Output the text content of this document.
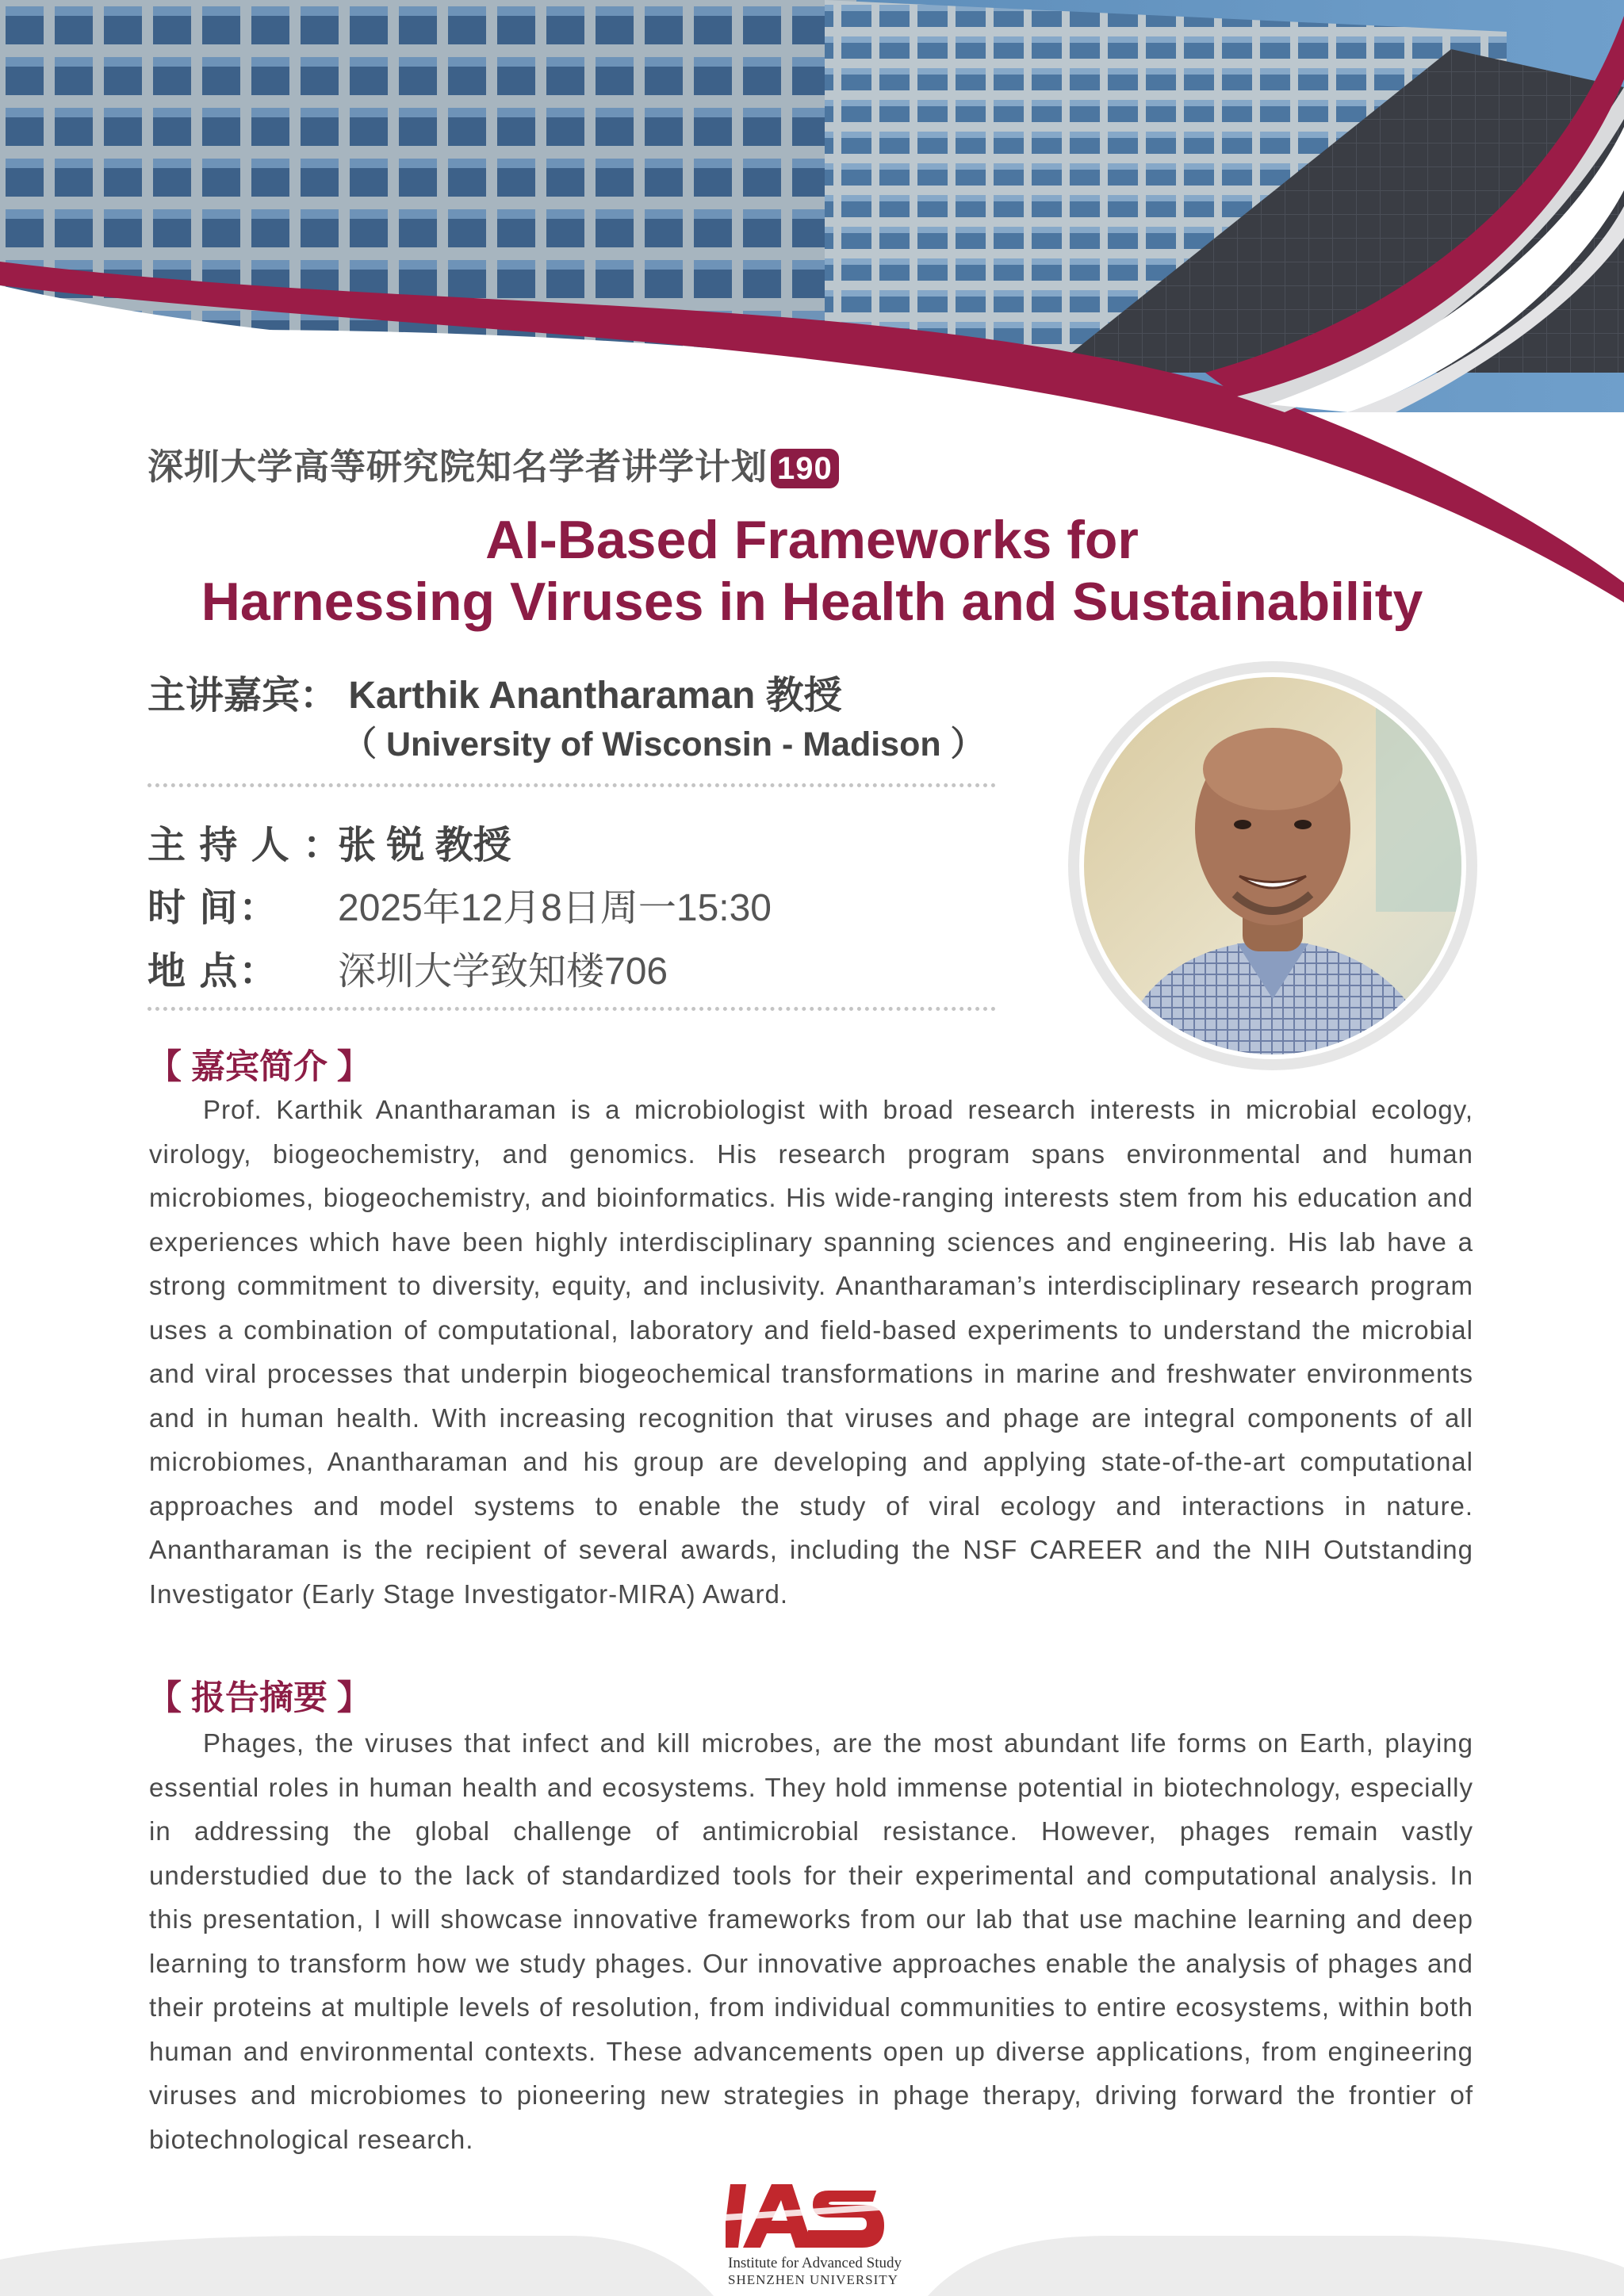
深圳大学高等研究院知名学者讲学计划 190
AI-Based Frameworks for
Harnessing Viruses in Health and Sustainability
主讲嘉宾： Karthik Anantharaman 教授
（ University of Wisconsin - Madison ）
主 持 人 ：张 锐 教授
时 间： 2025年12月8日周一15:30
地 点： 深圳大学致知楼706
【 嘉宾简介 】
Prof. Karthik Anantharaman is a microbiologist with broad research interests in microbial ecology, virology, biogeochemistry, and genomics. His research program spans environmental and human microbiomes, biogeochemistry, and bioinformatics. His wide-ranging interests stem from his education and experiences which have been highly interdisciplinary spanning sciences and engineering. His lab have a strong commitment to diversity, equity, and inclusivity. Anantharaman’s interdisciplinary research program uses a combination of computational, laboratory and field-based experiments to understand the microbial and viral processes that underpin biogeochemical transformations in marine and freshwater environments and in human health. With increasing recognition that viruses and phage are integral components of all microbiomes, Anantharaman and his group are developing and applying state-of-the-art computational approaches and model systems to enable the study of viral ecology and interactions in nature. Anantharaman is the recipient of several awards, including the NSF CAREER and the NIH Outstanding Investigator (Early Stage Investigator-MIRA) Award.
【 报告摘要 】
Phages, the viruses that infect and kill microbes, are the most abundant life forms on Earth, playing essential roles in human health and ecosystems. They hold immense potential in biotechnology, especially in addressing the global challenge of antimicrobial resistance. However, phages remain vastly understudied due to the lack of standardized tools for their experimental and computational analysis. In this presentation, I will showcase innovative frameworks from our lab that use machine learning and deep learning to transform how we study phages. Our innovative approaches enable the analysis of phages and their proteins at multiple levels of resolution, from individual communities to entire ecosystems, within both human and environmental contexts. These advancements open up diverse applications, from engineering viruses and microbiomes to pioneering new strategies in phage therapy, driving forward the frontier of biotechnological research.
Institute for Advanced Study
SHENZHEN UNIVERSITY
